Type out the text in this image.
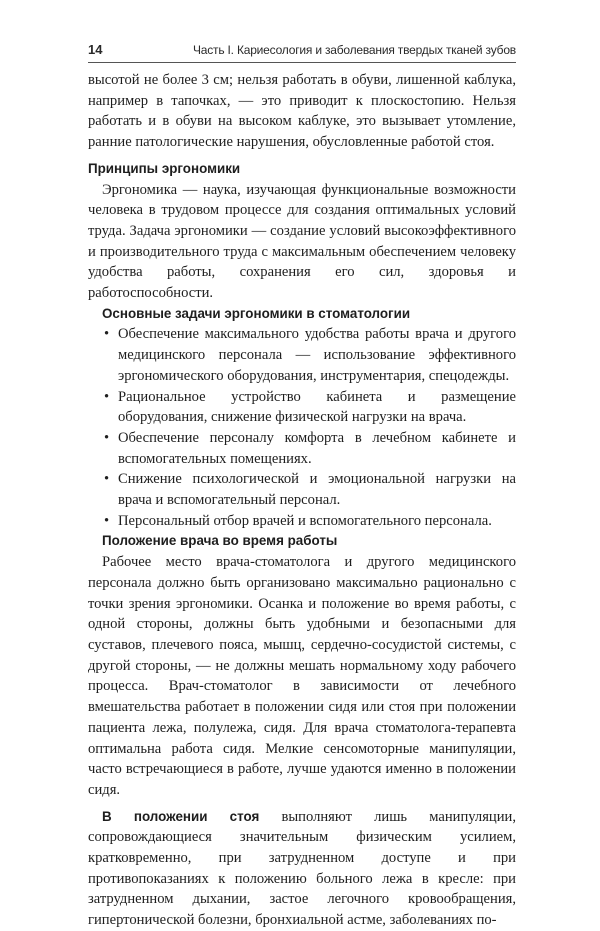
14	Часть I. Кариесология и заболевания твердых тканей зубов

высотой не более 3 см; нельзя работать в обуви, лишенной каблука, например в тапочках, — это приводит к плоскостопию. Нельзя работать и в обуви на высоком каблуке, это вызывает утомление, ранние патологические нарушения, обусловленные работой стоя.

Принципы эргономики

Эргономика — наука, изучающая функциональные возможности человека в трудовом процессе для создания оптимальных условий труда. Задача эргономики — создание условий высокоэффективного и производительного труда с максимальным обеспечением человеку удобства работы, сохранения его сил, здоровья и работоспособности.

Основные задачи эргономики в стоматологии

• Обеспечение максимального удобства работы врача и другого медицинского персонала — использование эффективного эргономического оборудования, инструментария, спецодежды.
• Рациональное устройство кабинета и размещение оборудования, снижение физической нагрузки на врача.
• Обеспечение персоналу комфорта в лечебном кабинете и вспомогательных помещениях.
• Снижение психологической и эмоциональной нагрузки на врача и вспомогательный персонал.
• Персональный отбор врачей и вспомогательного персонала.

Положение врача во время работы

Рабочее место врача-стоматолога и другого медицинского персонала должно быть организовано максимально рационально с точки зрения эргономики. Осанка и положение во время работы, с одной стороны, должны быть удобными и безопасными для суставов, плечевого пояса, мышц, сердечно-сосудистой системы, с другой стороны, — не должны мешать нормальному ходу рабочего процесса. Врач-стоматолог в зависимости от лечебного вмешательства работает в положении сидя или стоя при положении пациента лежа, полулежа, сидя. Для врача стоматолога-терапевта оптимальна работа сидя. Мелкие сенсомоторные манипуляции, часто встречающиеся в работе, лучше удаются именно в положении сидя.

В положении стоя выполняют лишь манипуляции, сопровождающиеся значительным физическим усилием, кратковременно, при затрудненном доступе и при противопоказаниях к положению больного лежа в кресле: при затрудненном дыхании, застое легочного кровообращения, гипертонической болезни, бронхиальной астме, заболеваниях по-
